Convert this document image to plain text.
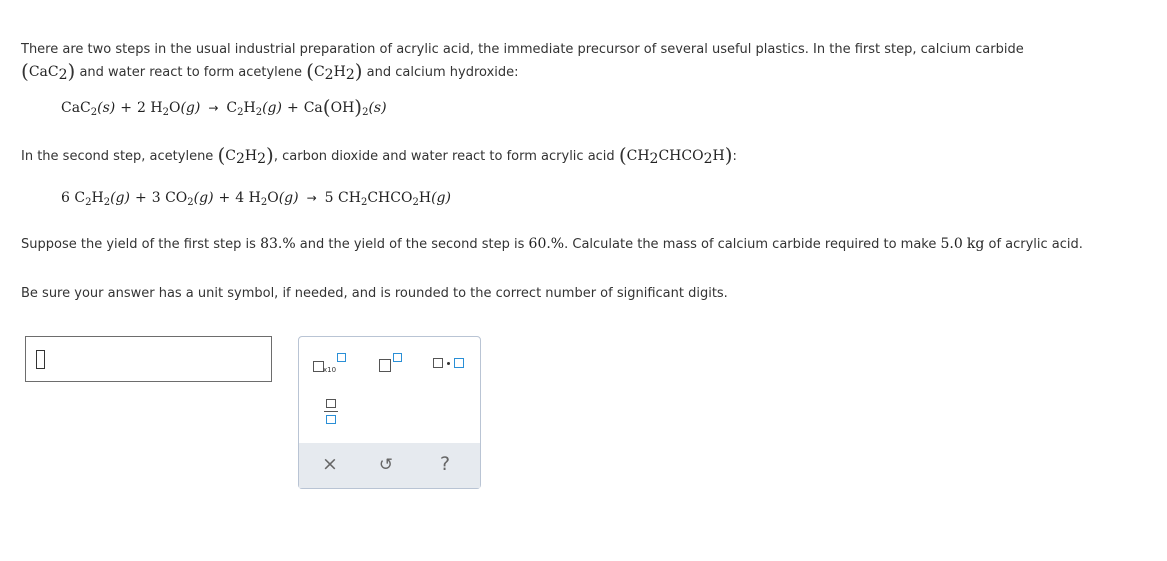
There are two steps in the usual industrial preparation of acrylic acid, the immediate precursor of several useful plastics. In the first step, calcium carbide
(CaC$_2$) and water react to form acetylene $(C_2H_2)$ and calcium hydroxide:
CaC$_2$(s) + 2 $H_2O(g) \to C_2H_2(g) + Ca(OH)_2(s)$
In the second step, acetylene $(C_2H_2)$, carbon dioxide and water react to form acrylic acid $(CH_2CHCO_2H)$:
6 $C_2H_2(g) + 3$ $CO_2(g) + 4$ $H_2O(g) \to 5$ $CH_2CHCO_2H(g)$
Suppose the yield of the first step is 83.% and the yield of the second step is 60.%. Calculate the mass of calcium carbide required to make 5.0 kg of acrylic acid.
Be sure your answer has a unit symbol, if needed, and is rounded to the correct number of significant digits.
x10
× ↺	?
